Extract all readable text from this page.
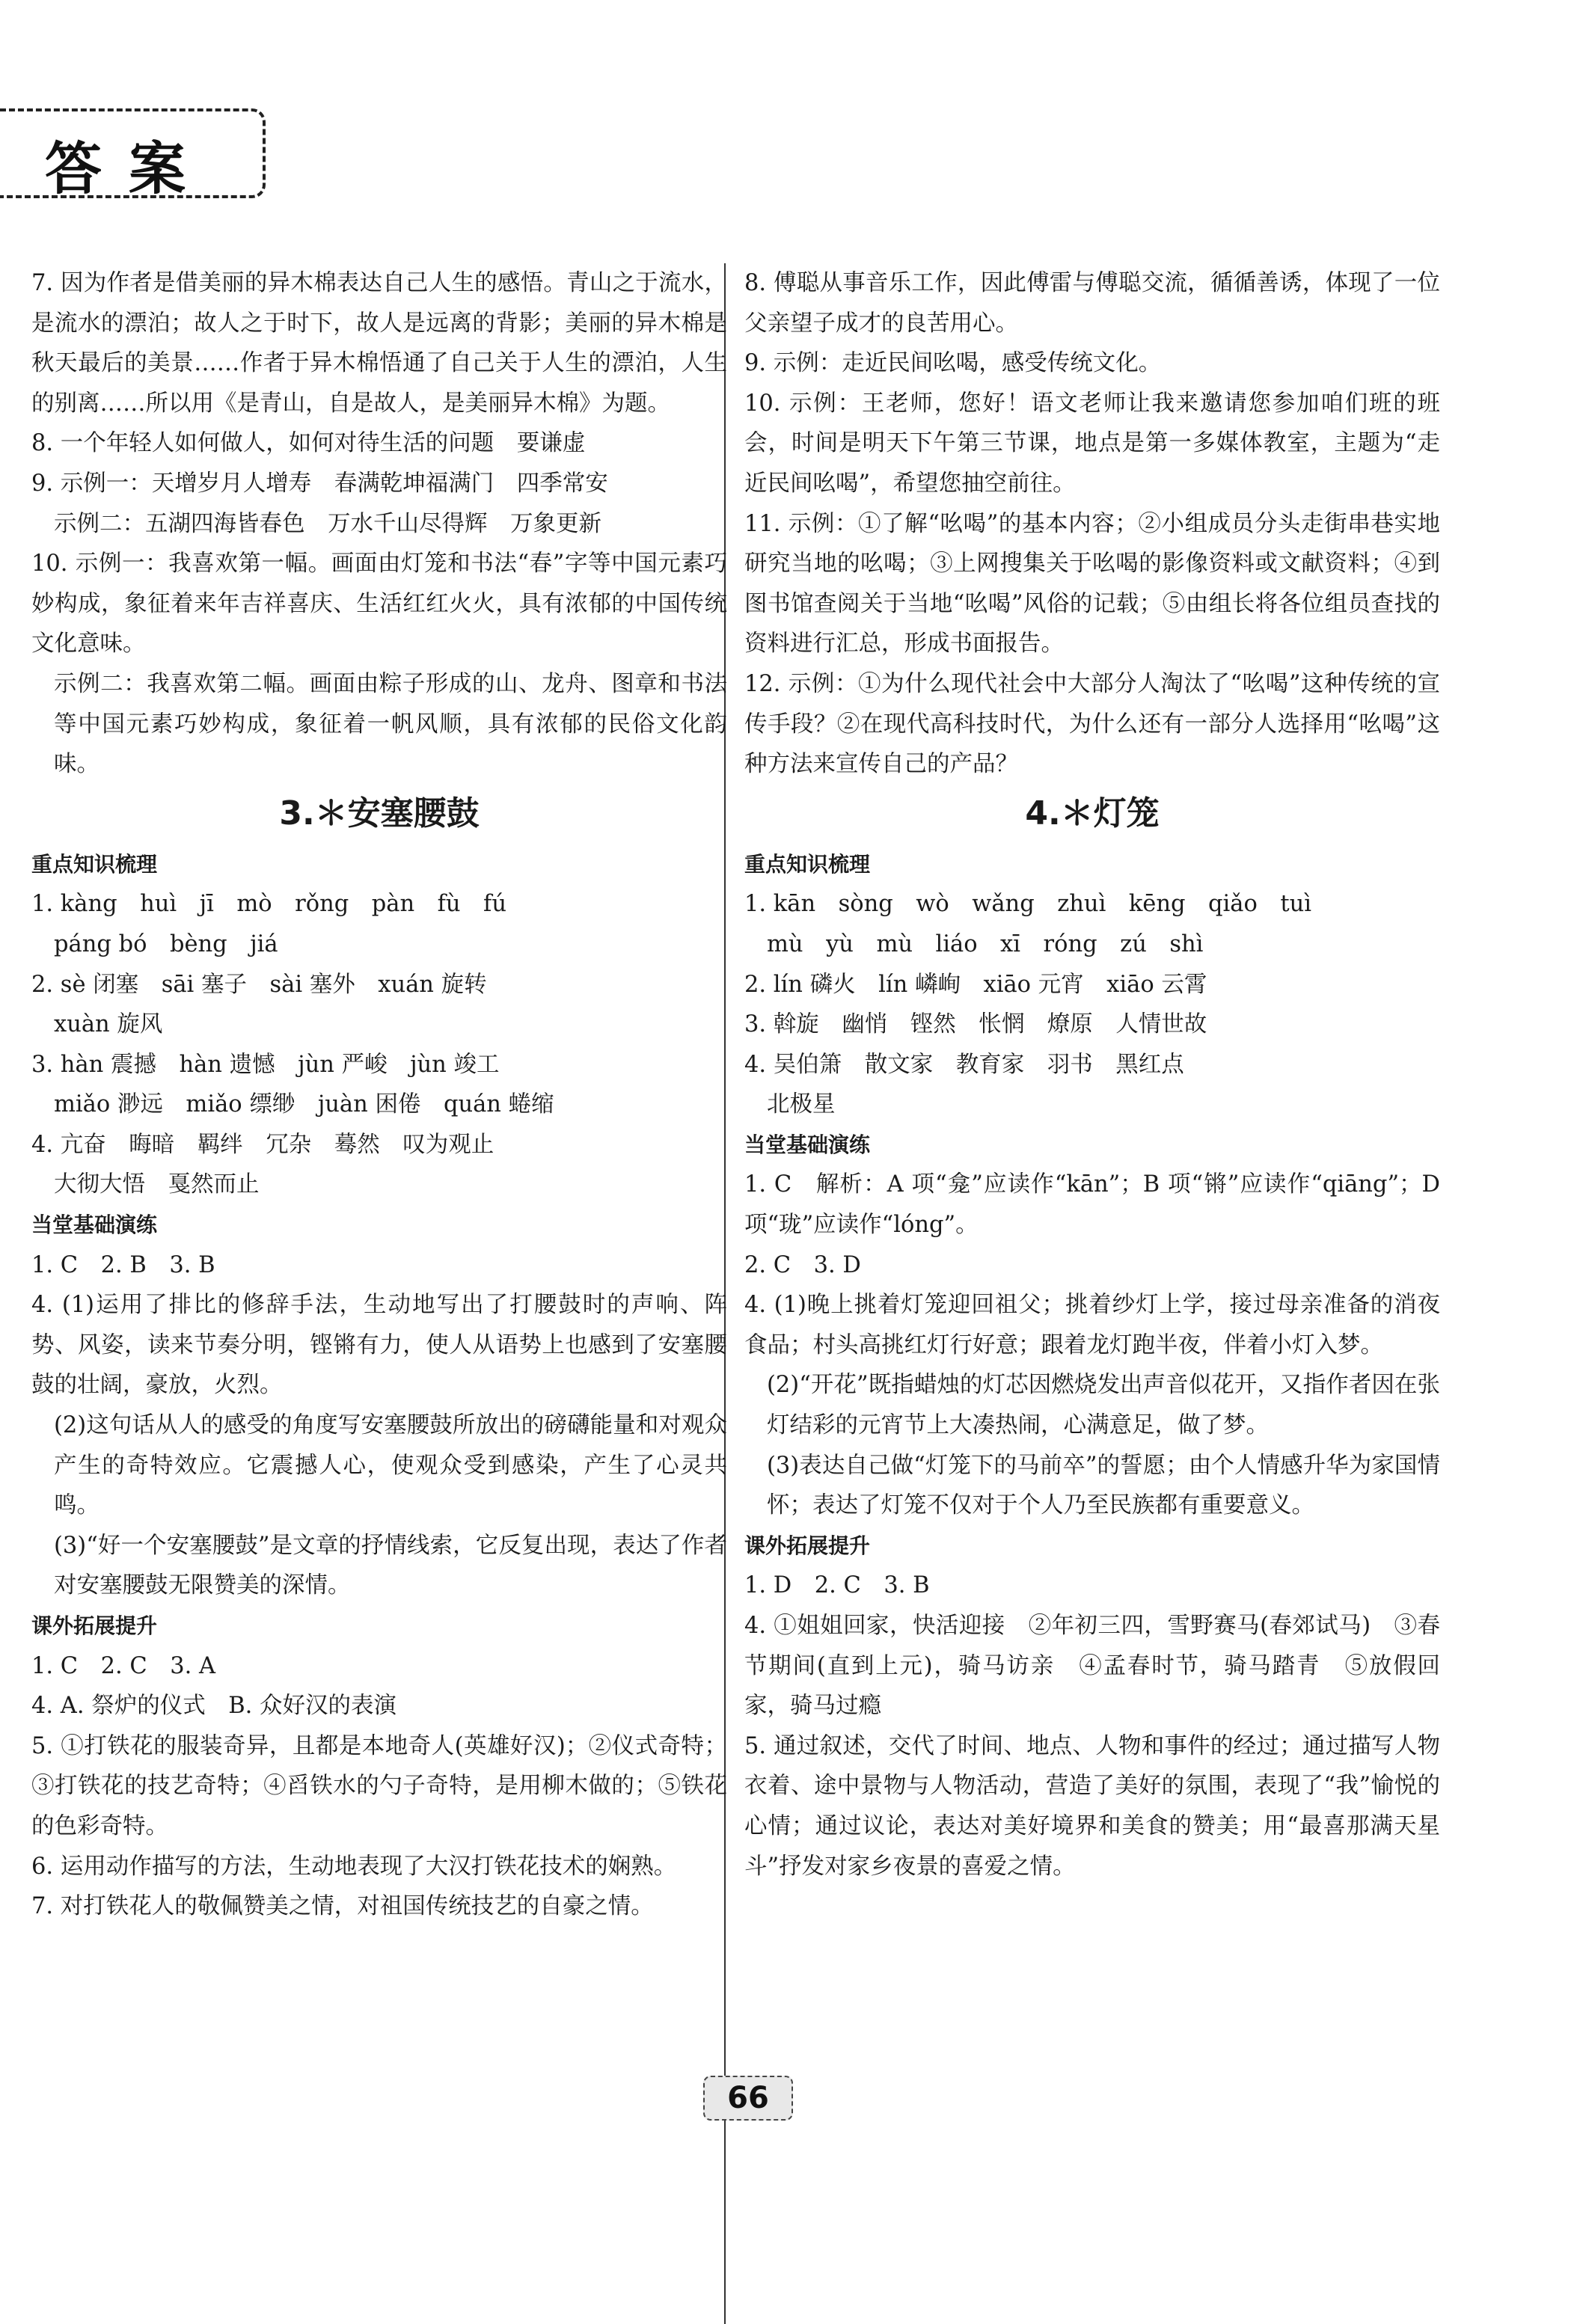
答案

7. 因为作者是借美丽的异木棉表达自己人生的感悟。青山之于流水，是流水的漂泊；故人之于时下，故人是远离的背影；美丽的异木棉是秋天最后的美景……作者于异木棉悟通了自己关于人生的漂泊，人生的别离……所以用《是青山，自是故人，是美丽异木棉》为题。

8. 一个年轻人如何做人，如何对待生活的问题　要谦虚

9. 示例一：天增岁月人增寿　春满乾坤福满门　四季常安

示例二：五湖四海皆春色　万水千山尽得辉　万象更新

10. 示例一：我喜欢第一幅。画面由灯笼和书法“春”字等中国元素巧妙构成，象征着来年吉祥喜庆、生活红红火火，具有浓郁的中国传统文化意味。

示例二：我喜欢第二幅。画面由粽子形成的山、龙舟、图章和书法等中国元素巧妙构成，象征着一帆风顺，具有浓郁的民俗文化韵味。

3.＊安塞腰鼓
重点知识梳理

1. kàng　huì　jī　mò　rǒng　pàn　fù　fú

páng bó　bèng　jiá

2. sè 闭塞　sāi 塞子　sài 塞外　xuán 旋转

xuàn 旋风

3. hàn 震撼　hàn 遗憾　jùn 严峻　jùn 竣工

miǎo 渺远　miǎo 缥缈　juàn 困倦　quán 蜷缩

4. 亢奋　晦暗　羁绊　冗杂　蓦然　叹为观止

大彻大悟　戛然而止

当堂基础演练

1. C　2. B　3. B

4. (1)运用了排比的修辞手法，生动地写出了打腰鼓时的声响、阵势、风姿，读来节奏分明，铿锵有力，使人从语势上也感到了安塞腰鼓的壮阔，豪放，火烈。

(2)这句话从人的感受的角度写安塞腰鼓所放出的磅礴能量和对观众产生的奇特效应。它震撼人心，使观众受到感染，产生了心灵共鸣。

(3)“好一个安塞腰鼓”是文章的抒情线索，它反复出现，表达了作者对安塞腰鼓无限赞美的深情。

课外拓展提升

1. C　2. C　3. A

4. A. 祭炉的仪式　B. 众好汉的表演

5. ①打铁花的服装奇异，且都是本地奇人(英雄好汉)；②仪式奇特；③打铁花的技艺奇特；④舀铁水的勺子奇特，是用柳木做的；⑤铁花的色彩奇特。

6. 运用动作描写的方法，生动地表现了大汉打铁花技术的娴熟。

7. 对打铁花人的敬佩赞美之情，对祖国传统技艺的自豪之情。

8. 傅聪从事音乐工作，因此傅雷与傅聪交流，循循善诱，体现了一位父亲望子成才的良苦用心。

9. 示例：走近民间吆喝，感受传统文化。

10. 示例：王老师，您好！语文老师让我来邀请您参加咱们班的班会，时间是明天下午第三节课，地点是第一多媒体教室，主题为“走近民间吆喝”，希望您抽空前往。

11. 示例：①了解“吆喝”的基本内容；②小组成员分头走街串巷实地研究当地的吆喝；③上网搜集关于吆喝的影像资料或文献资料；④到图书馆查阅关于当地“吆喝”风俗的记载；⑤由组长将各位组员查找的资料进行汇总，形成书面报告。

12. 示例：①为什么现代社会中大部分人淘汰了“吆喝”这种传统的宣传手段？②在现代高科技时代，为什么还有一部分人选择用“吆喝”这种方法来宣传自己的产品？

4.＊灯笼
重点知识梳理

1. kān　sòng　wò　wǎng　zhuì　kēng　qiǎo　tuì

mù　yù　mù　liáo　xī　róng　zú　shì

2. lín 磷火　lín 嶙峋　xiāo 元宵　xiāo 云霄

3. 斡旋　幽悄　铿然　怅惘　燎原　人情世故

4. 吴伯箫　散文家　教育家　羽书　黑红点

北极星

当堂基础演练

1. C　解析：A 项“龛”应读作“kān”；B 项“锵”应读作“qiāng”；D 项“珑”应读作“lóng”。

2. C　3. D

4. (1)晚上挑着灯笼迎回祖父；挑着纱灯上学，接过母亲准备的消夜食品；村头高挑红灯行好意；跟着龙灯跑半夜，伴着小灯入梦。

(2)“开花”既指蜡烛的灯芯因燃烧发出声音似花开，又指作者因在张灯结彩的元宵节上大凑热闹，心满意足，做了梦。

(3)表达自己做“灯笼下的马前卒”的誓愿；由个人情感升华为家国情怀；表达了灯笼不仅对于个人乃至民族都有重要意义。

课外拓展提升

1. D　2. C　3. B

4. ①姐姐回家，快活迎接　②年初三四，雪野赛马(春郊试马)　③春节期间(直到上元)，骑马访亲　④孟春时节，骑马踏青　⑤放假回家，骑马过瘾

5. 通过叙述，交代了时间、地点、人物和事件的经过；通过描写人物衣着、途中景物与人物活动，营造了美好的氛围，表现了“我”愉悦的心情；通过议论，表达对美好境界和美食的赞美；用“最喜那满天星斗”抒发对家乡夜景的喜爱之情。

66
